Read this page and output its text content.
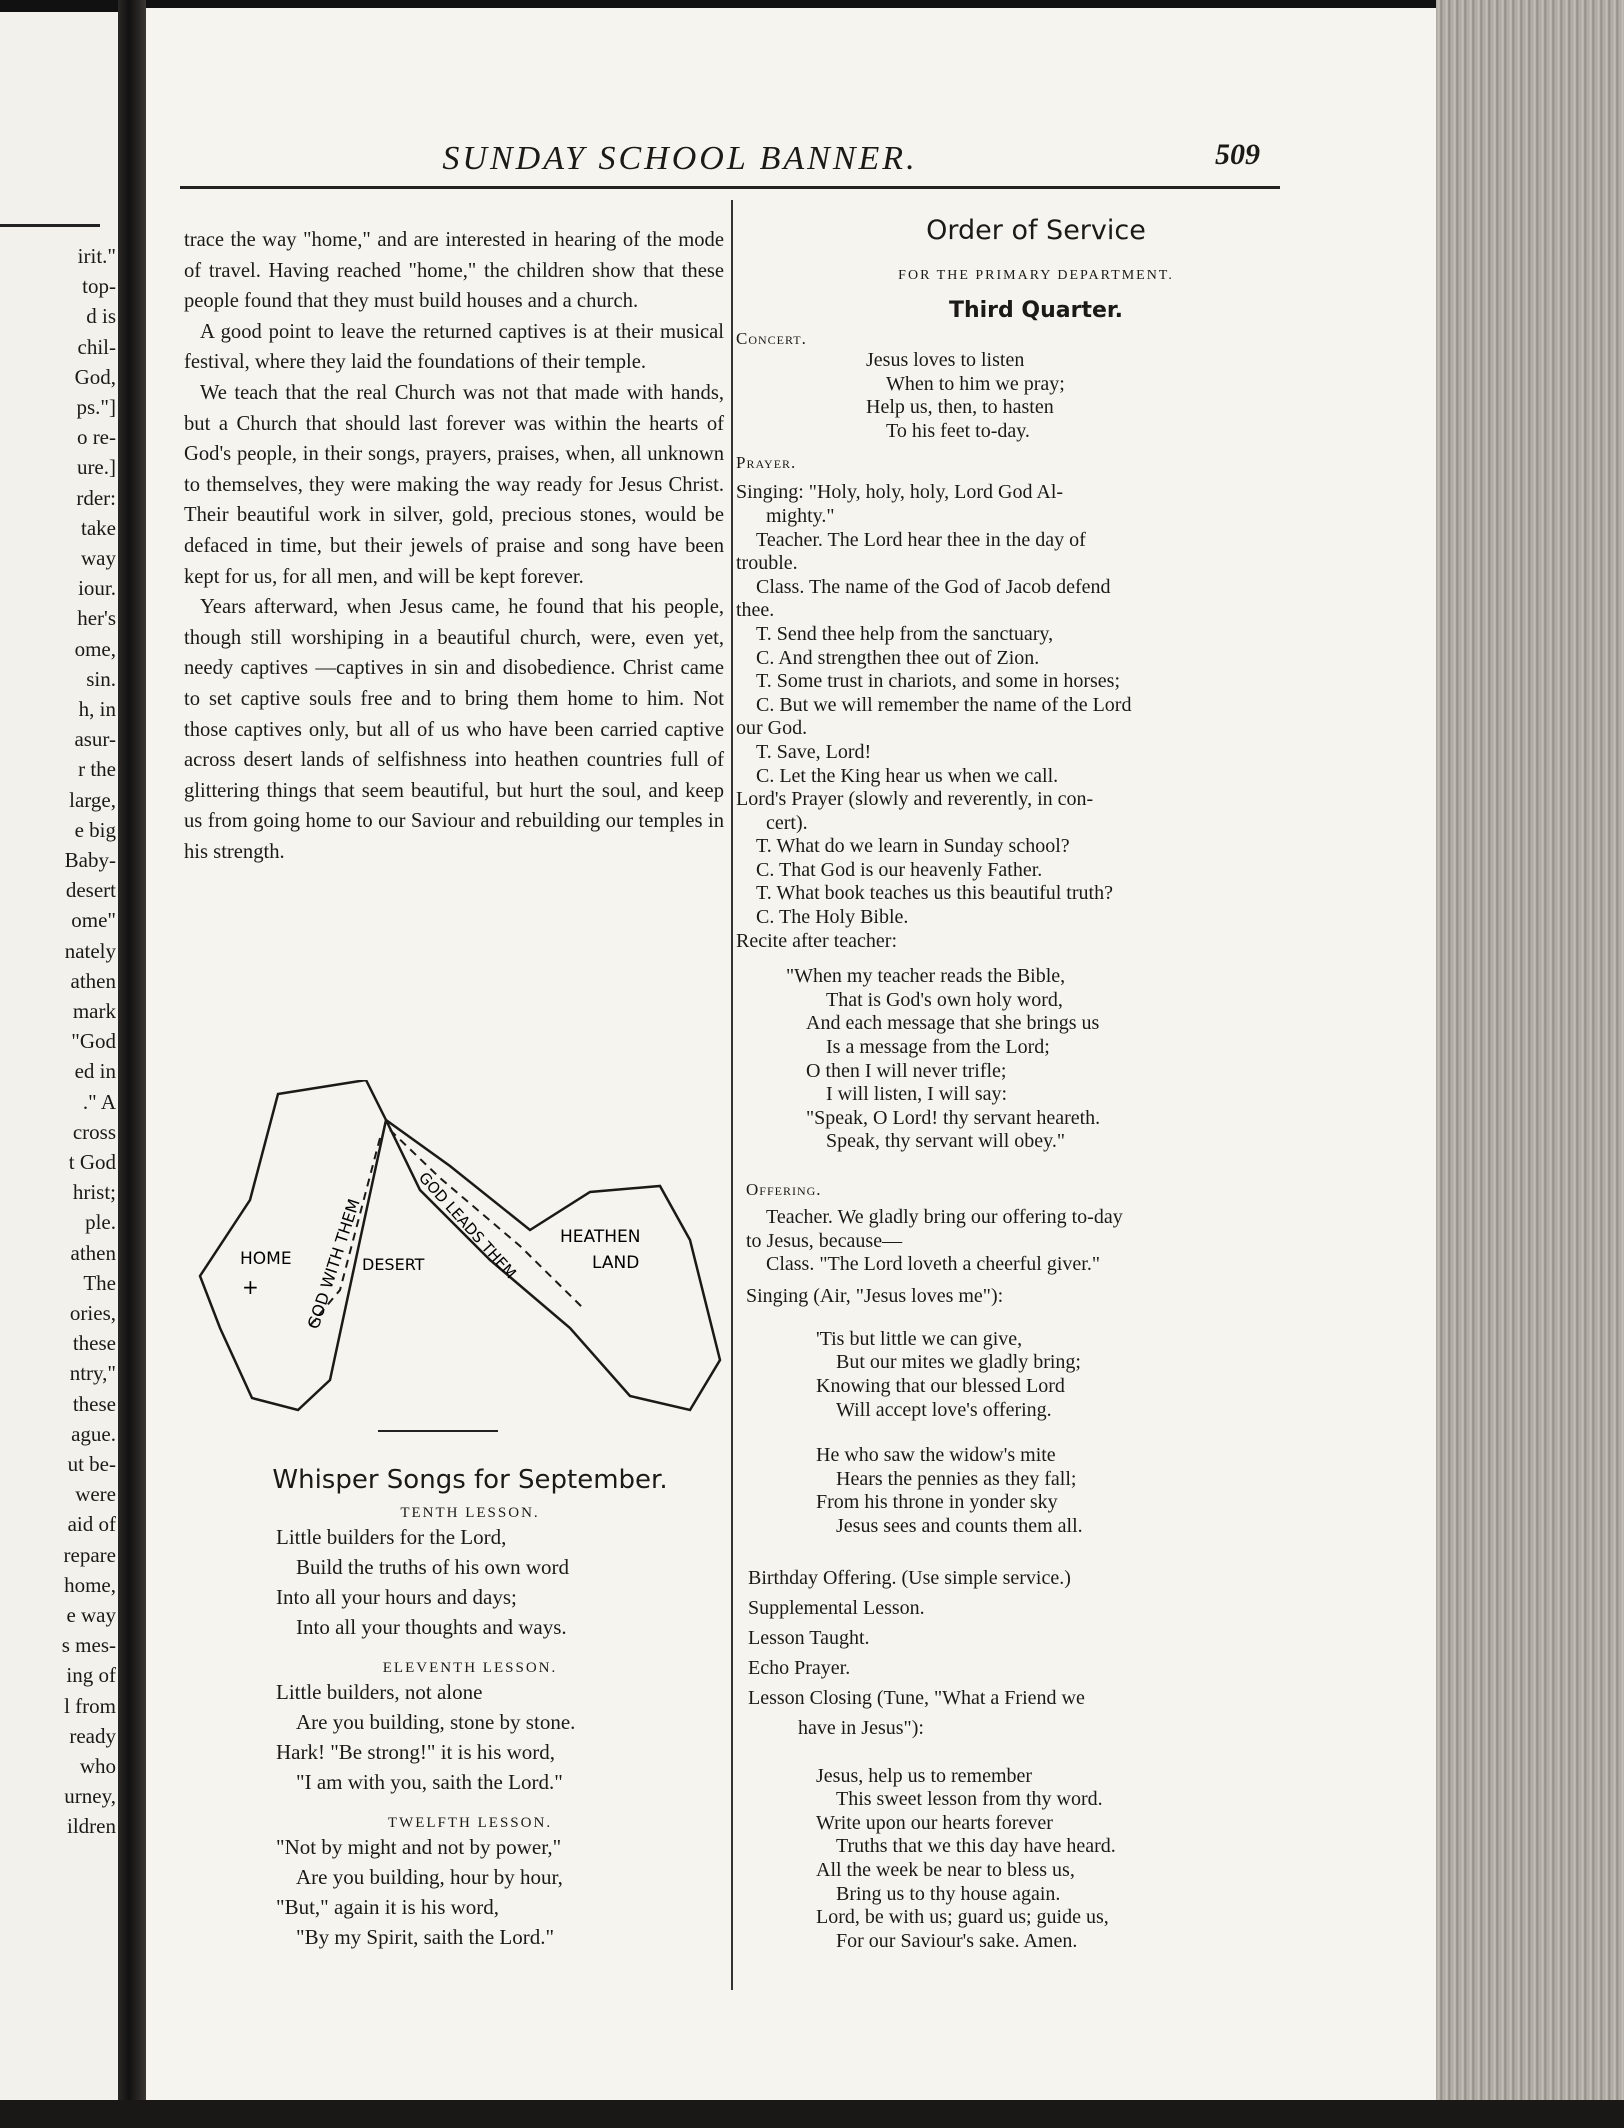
irit."
top-
d is
chil-
God,
ps."]
o re-
ure.]
rder:
take
way
iour.
her's
ome,
sin.
h, in
asur-
r the
large,
e big
Baby-
desert
ome"
nately
athen
mark
"God
ed in
." A
cross
t God
hrist;
ple.
athen
The
ories,
these
ntry,"
these
ague.
ut be-
were
aid of
repare
home,
e way
s mes-
ing of
l from
ready
who
urney,
ildren
SUNDAY SCHOOL BANNER.	509

trace the way "home," and are interested in hearing of the mode of travel. Having reached "home," the children show that these people found that they must build houses and a church.

A good point to leave the returned captives is at their musical festival, where they laid the foundations of their temple.

We teach that the real Church was not that made with hands, but a Church that should last forever was within the hearts of God's people, in their songs, prayers, praises, when, all unknown to themselves, they were making the way ready for Jesus Christ. Their beautiful work in silver, gold, precious stones, would be defaced in time, but their jewels of praise and song have been kept for us, for all men, and will be kept forever.

Years afterward, when Jesus came, he found that his people, though still worshiping in a beautiful church, were, even yet, needy captives —captives in sin and disobedience. Christ came to set captive souls free and to bring them home to him. Not those captives only, but all of us who have been carried captive across desert lands of selfishness into heathen countries full of glittering things that seem beautiful, but hurt the soul, and keep us from going home to our Saviour and rebuilding our temples in his strength.

HOME
+	GOD WITH THEM
DESERT
GOD LEADS THEM HEATHEN
LAND
Whisper Songs for September.

TENTH LESSON.

Little builders for the Lord,

Build the truths of his own word

Into all your hours and days;

Into all your thoughts and ways.

ELEVENTH LESSON.

Little builders, not alone

Are you building, stone by stone.

Hark! "Be strong!" it is his word,

"I am with you, saith the Lord."

TWELFTH LESSON.

"Not by might and not by power,"

Are you building, hour by hour,

"But," again it is his word,

"By my Spirit, saith the Lord."

Order of Service
FOR THE PRIMARY DEPARTMENT.
Third Quarter.
Concert.

Jesus loves to listen

When to him we pray;

Help us, then, to hasten

To his feet to-day.

Prayer.

Singing: "Holy, holy, holy, Lord God Al-

mighty."

Teacher. The Lord hear thee in the day of

trouble.

Class. The name of the God of Jacob defend

thee.

T. Send thee help from the sanctuary,

C. And strengthen thee out of Zion.

T. Some trust in chariots, and some in horses;

C. But we will remember the name of the Lord

our God.

T. Save, Lord!

C. Let the King hear us when we call.

Lord's Prayer (slowly and reverently, in con-

cert).

T. What do we learn in Sunday school?

C. That God is our heavenly Father.

T. What book teaches us this beautiful truth?

C. The Holy Bible.

Recite after teacher:

"When my teacher reads the Bible,

That is God's own holy word,

And each message that she brings us

Is a message from the Lord;

O then I will never trifle;

I will listen, I will say:

"Speak, O Lord! thy servant heareth.

Speak, thy servant will obey."

Offering.

Teacher. We gladly bring our offering to-day

to Jesus, because—

Class. "The Lord loveth a cheerful giver."

Singing (Air, "Jesus loves me"):

'Tis but little we can give,

But our mites we gladly bring;

Knowing that our blessed Lord

Will accept love's offering.

He who saw the widow's mite

Hears the pennies as they fall;

From his throne in yonder sky

Jesus sees and counts them all.

Birthday Offering. (Use simple service.)

Supplemental Lesson.

Lesson Taught.

Echo Prayer.

Lesson Closing (Tune, "What a Friend we

have in Jesus"):

Jesus, help us to remember

This sweet lesson from thy word.

Write upon our hearts forever

Truths that we this day have heard.

All the week be near to bless us,

Bring us to thy house again.

Lord, be with us; guard us; guide us,

For our Saviour's sake. Amen.
